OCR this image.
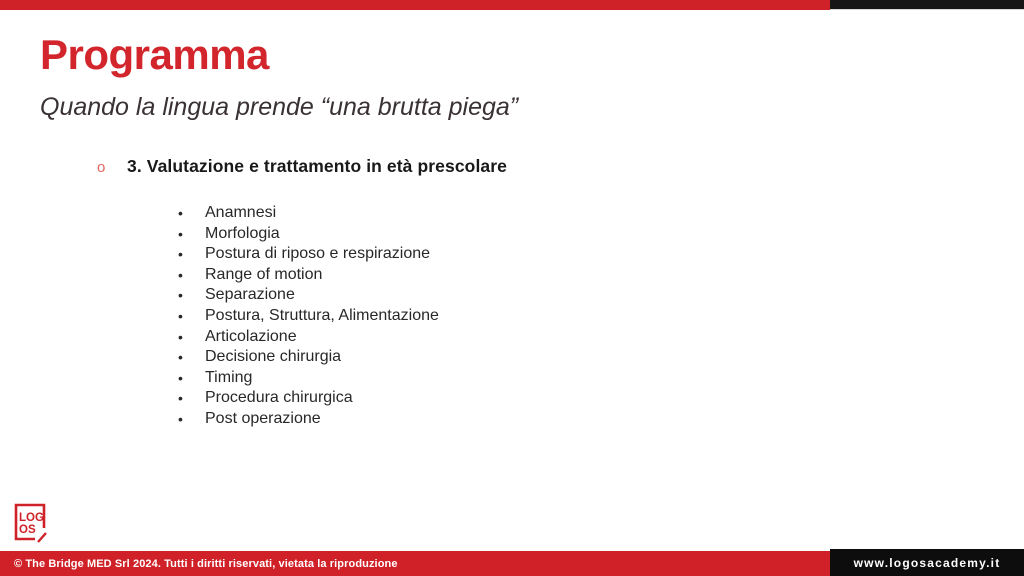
Programma
Quando la lingua prende “una brutta piega”
o	3. Valutazione e trattamento in età prescolare
•	Anamnesi
•	Morfologia
•	Postura di riposo e respirazione
•	Range of motion
•	Separazione
•	Postura, Struttura, Alimentazione
•	Articolazione
•	Decisione chirurgia
•	Timing
•	Procedura chirurgica
•	Post operazione
LOG
OS
© The Bridge MED Srl 2024. Tutti i diritti riservati, vietata la riproduzione	www.logosacademy.it
